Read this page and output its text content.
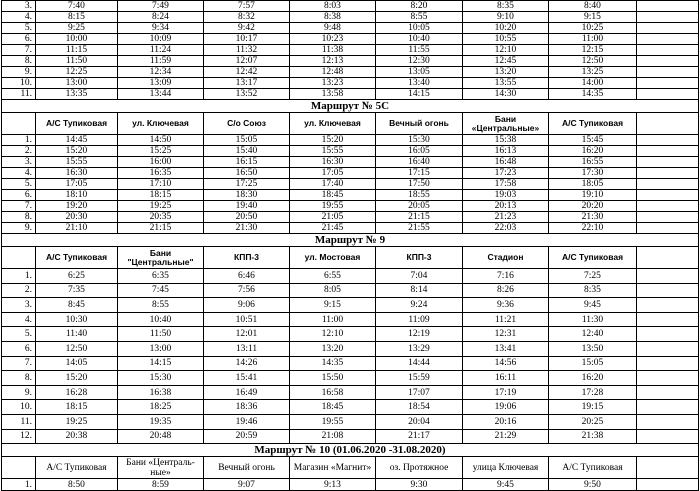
3.	7:40	7:49	7:57	8:03	8:20	8:35	8:40	
4.	8:15	8:24	8:32	8:38	8:55	9:10	9:15	
5.	9:25	9:34	9:42	9:48	10:05	10:20	10:25	
6.	10:00	10:09	10:17	10:23	10:40	10:55	11:00	
7.	11:15	11:24	11:32	11:38	11:55	12:10	12:15	
8.	11:50	11:59	12:07	12:13	12:30	12:45	12:50	
9.	12:25	12:34	12:42	12:48	13:05	13:20	13:25	
10.	13:00	13:09	13:17	13:23	13:40	13:55	14:00	
11.	13:35	13:44	13:52	13:58	14:15	14:30	14:35	
Маршрут № 5С								
	А/С Тупиковая	ул. Ключевая	С/о Союз	ул. Ключевая	Вечный огонь	Бани «Центральные»	А/С Тупиковая	
1.	14:45	14:50	15:05	15:20	15:30	15:38	15:45	
2.	15:20	15:25	15:40	15:55	16:05	16:13	16:20	
3.	15:55	16:00	16:15	16:30	16:40	16:48	16:55	
4.	16:30	16:35	16:50	17:05	17:15	17:23	17:30	
5.	17:05	17:10	17:25	17:40	17:50	17:58	18:05	
6.	18:10	18:15	18:30	18:45	18:55	19:03	19:10	
7.	19:20	19:25	19:40	19:55	20:05	20:13	20:20	
8.	20:30	20:35	20:50	21:05	21:15	21:23	21:30	
9.	21:10	21:15	21:30	21:45	21:55	22:03	22:10	
Маршрут № 9								
	А/С Тупиковая	Бани "Центральные"	КПП-3	ул. Мостовая	КПП-3	Стадион	А/С Тупиковая	
1.	6:25	6:35	6:46	6:55	7:04	7:16	7:25	
2.	7:35	7:45	7:56	8:05	8:14	8:26	8:35	
3.	8:45	8:55	9:06	9:15	9:24	9:36	9:45	
4.	10:30	10:40	10:51	11:00	11:09	11:21	11:30	
5.	11:40	11:50	12:01	12:10	12:19	12:31	12:40	
6.	12:50	13:00	13:11	13:20	13:29	13:41	13:50	
7.	14:05	14:15	14:26	14:35	14:44	14:56	15:05	
8.	15:20	15:30	15:41	15:50	15:59	16:11	16:20	
9.	16:28	16:38	16:49	16:58	17:07	17:19	17:28	
10.	18:15	18:25	18:36	18:45	18:54	19:06	19:15	
11.	19:25	19:35	19:46	19:55	20:04	20:16	20:25	
12.	20:38	20:48	20:59	21:08	21:17	21:29	21:38	
Маршрут № 10 (01.06.2020 -31.08.2020)								
	А/С Тупиковая	Бани «Централь-ные»	Вечный огонь	Магазин «Магнит»	оз. Протяжное	улица Ключевая	А/С Тупиковая	
1.	8:50	8:59	9:07	9:13	9:30	9:45	9:50	
